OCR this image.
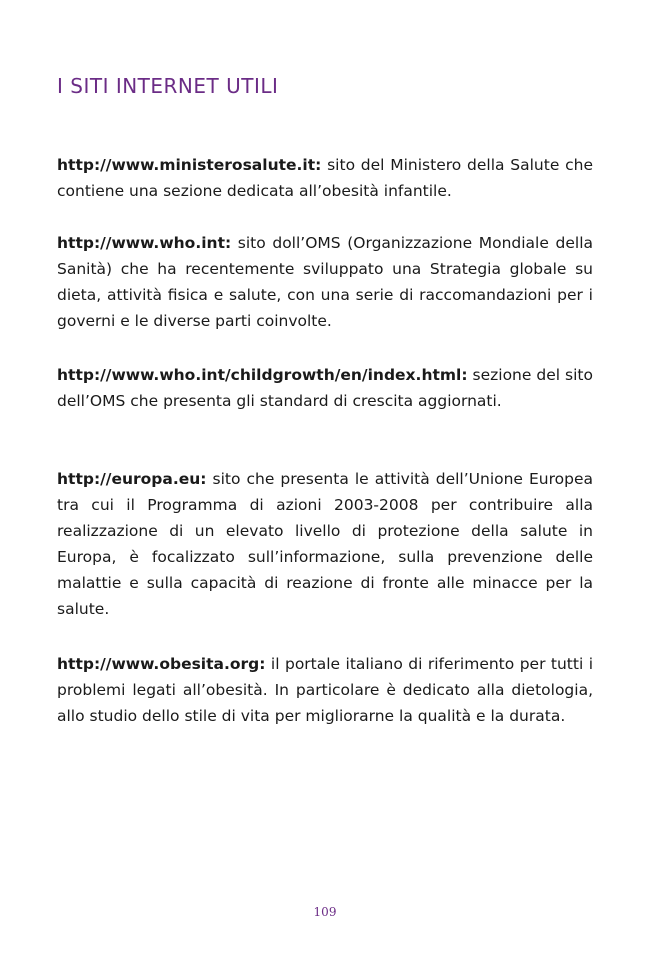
I SITI INTERNET UTILI
http://www.ministerosalute.it: sito del Ministero della Salute che contiene una sezione dedicata all’obesità infantile.
http://www.who.int: sito doll’OMS (Organizzazione Mondiale della Sanità) che ha recentemente sviluppato una Strategia globale su dieta, attività fisica e salute, con una serie di raccomandazioni per i governi e le diverse parti coinvolte.
http://www.who.int/childgrowth/en/index.html: sezione del sito dell’OMS che presenta gli standard di crescita aggiornati.
http://europa.eu: sito che presenta le attività dell’Unione Europea tra cui il Programma di azioni 2003-2008 per contribuire alla realizzazione di un elevato livello di protezione della salute in Europa, è focalizzato sull’informazione, sulla prevenzione delle malattie e sulla capacità di reazione di fronte alle minacce per la salute.
http://www.obesita.org: il portale italiano di riferimento per tutti i problemi legati all’obesità. In particolare è dedicato alla dietologia, allo studio dello stile di vita per migliorarne la qualità e la durata.
109
